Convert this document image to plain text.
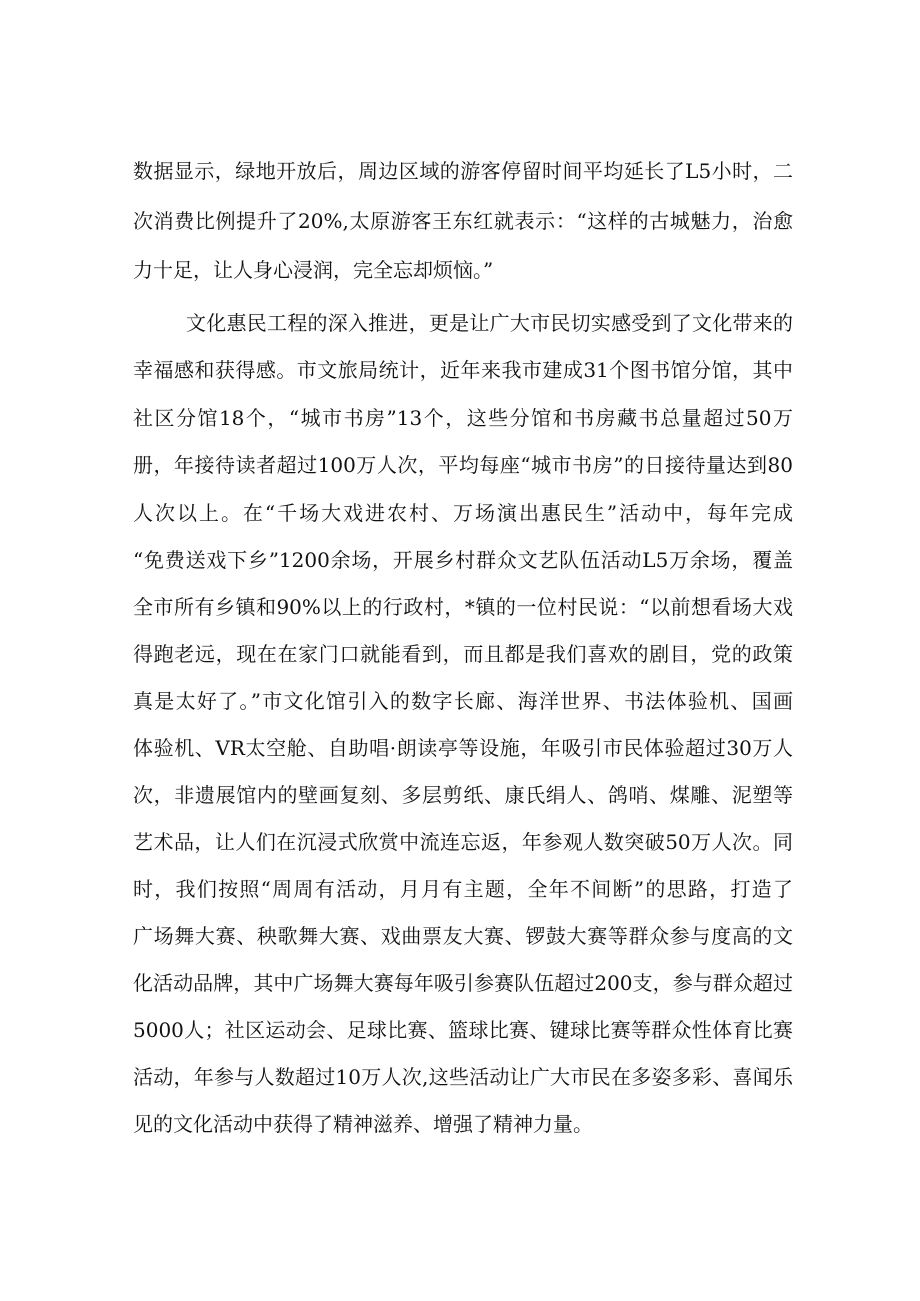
数据显示，绿地开放后，周边区域的游客停留时间平均延长了L5小时，二
次消费比例提升了20%,太原游客王东红就表示：“这样的古城魅力，治愈
力十足，让人身心浸润，完全忘却烦恼。”
文化惠民工程的深入推进，更是让广大市民切实感受到了文化带来的
幸福感和获得感。市文旅局统计，近年来我市建成31个图书馆分馆，其中
社区分馆18个，“城市书房”13个，这些分馆和书房藏书总量超过50万
册，年接待读者超过100万人次，平均每座“城市书房”的日接待量达到80
人次以上。在“千场大戏进农村、万场演出惠民生”活动中，每年完成
“免费送戏下乡”1200余场，开展乡村群众文艺队伍活动L5万余场，覆盖
全市所有乡镇和90%以上的行政村，*镇的一位村民说：“以前想看场大戏
得跑老远，现在在家门口就能看到，而且都是我们喜欢的剧目，党的政策
真是太好了。”市文化馆引入的数字长廊、海洋世界、书法体验机、国画
体验机、VR太空舱、自助唱·朗读亭等设施，年吸引市民体验超过30万人
次，非遗展馆内的壁画复刻、多层剪纸、康氏绢人、鸽哨、煤雕、泥塑等
艺术品，让人们在沉浸式欣赏中流连忘返，年参观人数突破50万人次。同
时，我们按照“周周有活动，月月有主题，全年不间断”的思路，打造了
广场舞大赛、秧歌舞大赛、戏曲票友大赛、锣鼓大赛等群众参与度高的文
化活动品牌，其中广场舞大赛每年吸引参赛队伍超过200支，参与群众超过
5000人；社区运动会、足球比赛、篮球比赛、键球比赛等群众性体育比赛
活动，年参与人数超过10万人次,这些活动让广大市民在多姿多彩、喜闻乐
见的文化活动中获得了精神滋养、增强了精神力量。
